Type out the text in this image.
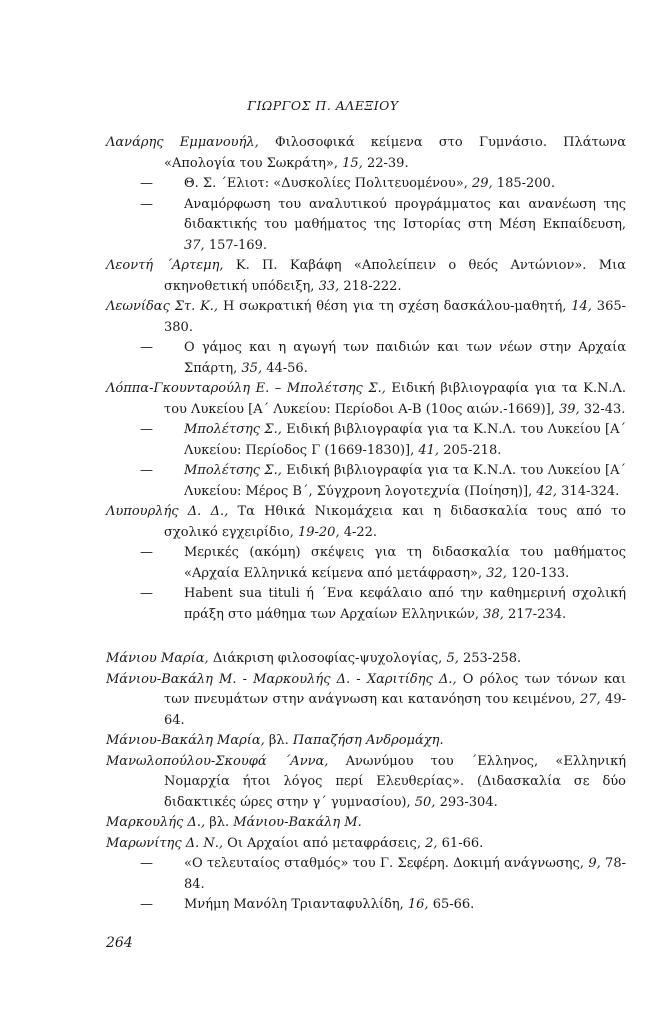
ΓΙΩΡΓΟΣ Π. ΑΛΕΞΙΟΥ

Λανάρης Εμμανουήλ, Φιλοσοφικά κείμενα στο Γυμνάσιο. Πλάτωνα «Απολογία του Σωκράτη», 15, 22-39.

— Θ. Σ. ΄Ελιοτ: «Δυσκολίες Πολιτευομένου», 29, 185-200.

— Αναμόρφωση του αναλυτικού προγράμματος και ανανέωση της διδακτικής του μαθήματος της Ιστορίας στη Μέση Εκπαίδευση, 37, 157-169.

Λεοντή ΄Αρτεμη, Κ. Π. Καβάφη «Απολείπειν ο θεός Αντώνιον». Μια σκηνοθετική υπόδειξη, 33, 218-222.

Λεωνίδας Στ. Κ., Η σωκρατική θέση για τη σχέση δασκάλου-μαθητή, 14, 365-380.

— Ο γάμος και η αγωγή των παιδιών και των νέων στην Αρχαία Σπάρτη, 35, 44-56.

Λόππα-Γκουνταρούλη Ε. – Μπολέτσης Σ., Ειδική βιβλιογραφία για τα Κ.Ν.Λ. του Λυκείου [Α΄ Λυκείου: Περίοδοι Α-Β (10ος αιών.-1669)], 39, 32-43.

— Μπολέτσης Σ., Ειδική βιβλιογραφία για τα Κ.Ν.Λ. του Λυκείου [Α΄ Λυκείου: Περίοδος Γ (1669-1830)], 41, 205-218.

— Μπολέτσης Σ., Ειδική βιβλιογραφία για τα Κ.Ν.Λ. του Λυκείου [Α΄ Λυκείου: Μέρος Β΄, Σύγχρονη λογοτεχνία (Ποίηση)], 42, 314-324.

Λυπουρλής Δ. Δ., Τα Ηθικά Νικομάχεια και η διδασκαλία τους από το σχολικό εγχειρίδιο, 19-20, 4-22.

— Μερικές (ακόμη) σκέψεις για τη διδασκαλία του μαθήματος «Αρχαία Ελληνικά κείμενα από μετάφραση», 32, 120-133.

— Habent sua tituli ή ΄Ενα κεφάλαιο από την καθημερινή σχολική πράξη στο μάθημα των Αρχαίων Ελληνικών, 38, 217-234.

Μάνιου Μαρία, Διάκριση φιλοσοφίας-ψυχολογίας, 5, 253-258.

Μάνιου-Βακάλη Μ. - Μαρκουλής Δ. - Χαριτίδης Δ., Ο ρόλος των τόνων και των πνευμάτων στην ανάγνωση και κατανόηση του κειμένου, 27, 49-64.

Μάνιου-Βακάλη Μαρία, βλ. Παπαζήση Ανδρομάχη.

Μανωλοπούλου-Σκουφά ΄Αννα, Ανωνύμου του ΄Ελληνος, «Ελληνική Νομαρχία ήτοι λόγος περί Ελευθερίας». (Διδασκαλία σε δύο διδακτικές ώρες στην γ΄ γυμνασίου), 50, 293-304.

Μαρκουλής Δ., βλ. Μάνιου-Βακάλη Μ.

Μαρωνίτης Δ. Ν., Οι Αρχαίοι από μεταφράσεις, 2, 61-66.

— «Ο τελευταίος σταθμός» του Γ. Σεφέρη. Δοκιμή ανάγνωσης, 9, 78-84.

— Μνήμη Μανόλη Τριανταφυλλίδη, 16, 65-66.

264
